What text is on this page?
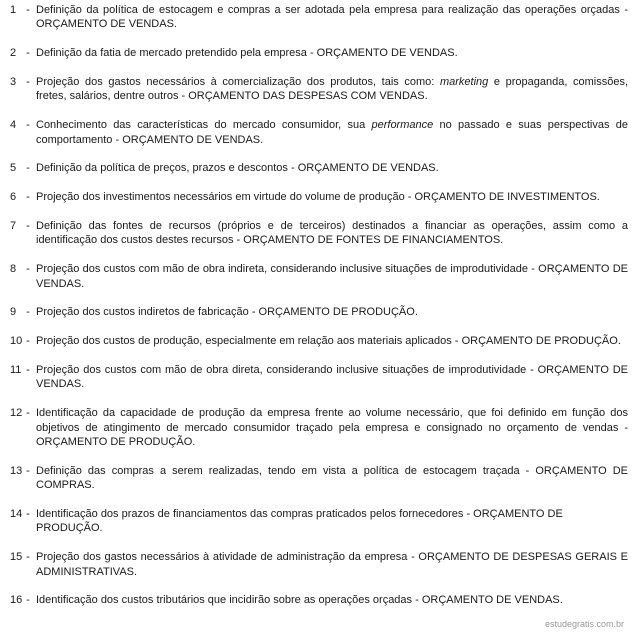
1 - Definição da política de estocagem e compras a ser adotada pela empresa para realização das operações orçadas - ORÇAMENTO DE VENDAS.
2 - Definição da fatia de mercado pretendido pela empresa - ORÇAMENTO DE VENDAS.
3 - Projeção dos gastos necessários à comercialização dos produtos, tais como: marketing e propaganda, comissões, fretes, salários, dentre outros - ORÇAMENTO DAS DESPESAS COM VENDAS.
4 - Conhecimento das características do mercado consumidor, sua performance no passado e suas perspectivas de comportamento - ORÇAMENTO DE VENDAS.
5 - Definição da política de preços, prazos e descontos - ORÇAMENTO DE VENDAS.
6 - Projeção dos investimentos necessários em virtude do volume de produção - ORÇAMENTO DE INVESTIMENTOS.
7 - Definição das fontes de recursos (próprios e de terceiros) destinados a financiar as operações, assim como a identificação dos custos destes recursos - ORÇAMENTO DE FONTES DE FINANCIAMENTOS.
8 - Projeção dos custos com mão de obra indireta, considerando inclusive situações de improdutividade - ORÇAMENTO DE VENDAS.
9 - Projeção dos custos indiretos de fabricação - ORÇAMENTO DE PRODUÇÃO.
10 - Projeção dos custos de produção, especialmente em relação aos materiais aplicados - ORÇAMENTO DE PRODUÇÃO.
11 - Projeção dos custos com mão de obra direta, considerando inclusive situações de improdutividade - ORÇAMENTO DE VENDAS.
12 - Identificação da capacidade de produção da empresa frente ao volume necessário, que foi definido em função dos objetivos de atingimento de mercado consumidor traçado pela empresa e consignado no orçamento de vendas - ORÇAMENTO DE PRODUÇÃO.
13 - Definição das compras a serem realizadas, tendo em vista a política de estocagem traçada - ORÇAMENTO DE COMPRAS.
14 - Identificação dos prazos de financiamentos das compras praticados pelos fornecedores - ORÇAMENTO DE PRODUÇÃO.
15 - Projeção dos gastos necessários à atividade de administração da empresa - ORÇAMENTO DE DESPESAS GERAIS E ADMINISTRATIVAS.
16 - Identificação dos custos tributários que incidirão sobre as operações orçadas - ORÇAMENTO DE VENDAS.
estudegratis.com.br
